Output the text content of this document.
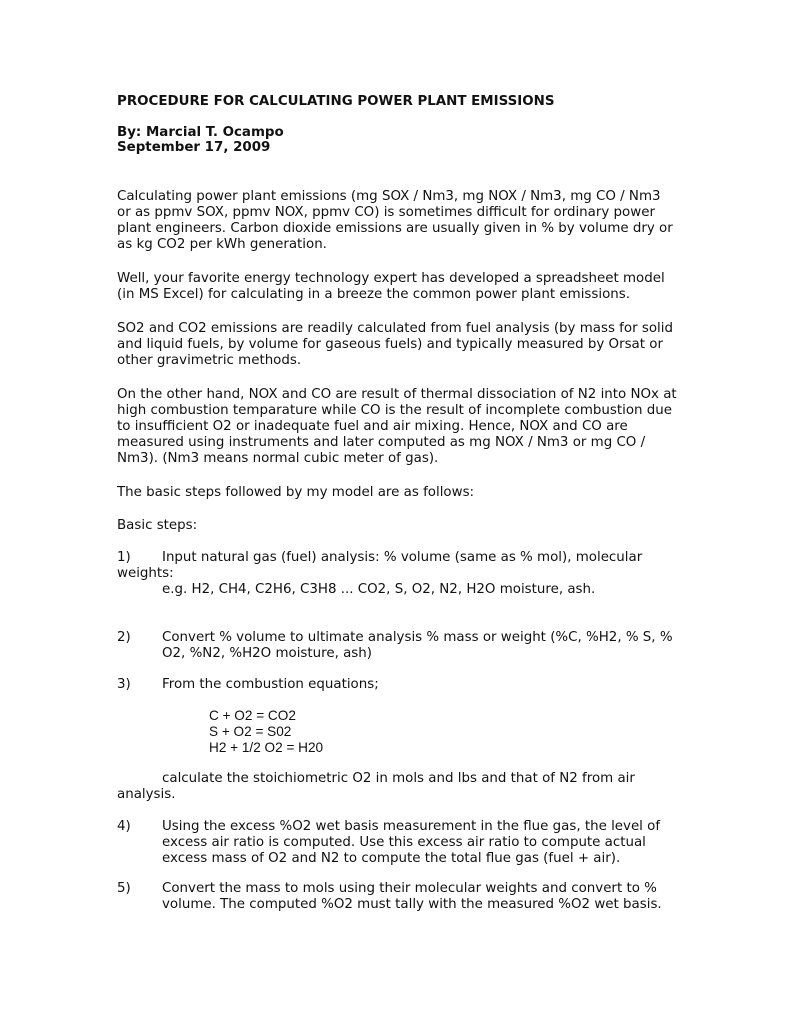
PROCEDURE FOR CALCULATING POWER PLANT EMISSIONS

By: Marcial T. Ocampo

September 17, 2009

Calculating power plant emissions (mg SOX / Nm3, mg NOX / Nm3, mg CO / Nm3 or as ppmv SOX, ppmv NOX, ppmv CO) is sometimes difficult for ordinary power plant engineers. Carbon dioxide emissions are usually given in % by volume dry or as kg CO2 per kWh generation.

Well, your favorite energy technology expert has developed a spreadsheet model (in MS Excel) for calculating in a breeze the common power plant emissions.

SO2 and CO2 emissions are readily calculated from fuel analysis (by mass for solid and liquid fuels, by volume for gaseous fuels) and typically measured by Orsat or other gravimetric methods.

On the other hand, NOX and CO are result of thermal dissociation of N2 into NOx at high combustion temparature while CO is the result of incomplete combustion due to insufficient O2 or inadequate fuel and air mixing. Hence, NOX and CO are measured using instruments and later computed as mg NOX / Nm3 or mg CO / Nm3). (Nm3 means normal cubic meter of gas).

The basic steps followed by my model are as follows:

Basic steps:

1) Input natural gas (fuel) analysis: % volume (same as % mol), molecular

weights:

e.g. H2, CH4, C2H6, C3H8 ... CO2, S, O2, N2, H2O moisture, ash.

2) Convert % volume to ultimate analysis % mass or weight (%C, %H2, % S, % O2, %N2, %H2O moisture, ash)

3) From the combustion equations;

C + O2 = CO2
S + O2 = S02
H2 + 1/2 O2 = H20

calculate the stoichiometric O2 in mols and lbs and that of N2 from air

analysis.

4) Using the excess %O2 wet basis measurement in the flue gas, the level of excess air ratio is computed. Use this excess air ratio to compute actual excess mass of O2 and N2 to compute the total flue gas (fuel + air).

5) Convert the mass to mols using their molecular weights and convert to % volume. The computed %O2 must tally with the measured %O2 wet basis.
